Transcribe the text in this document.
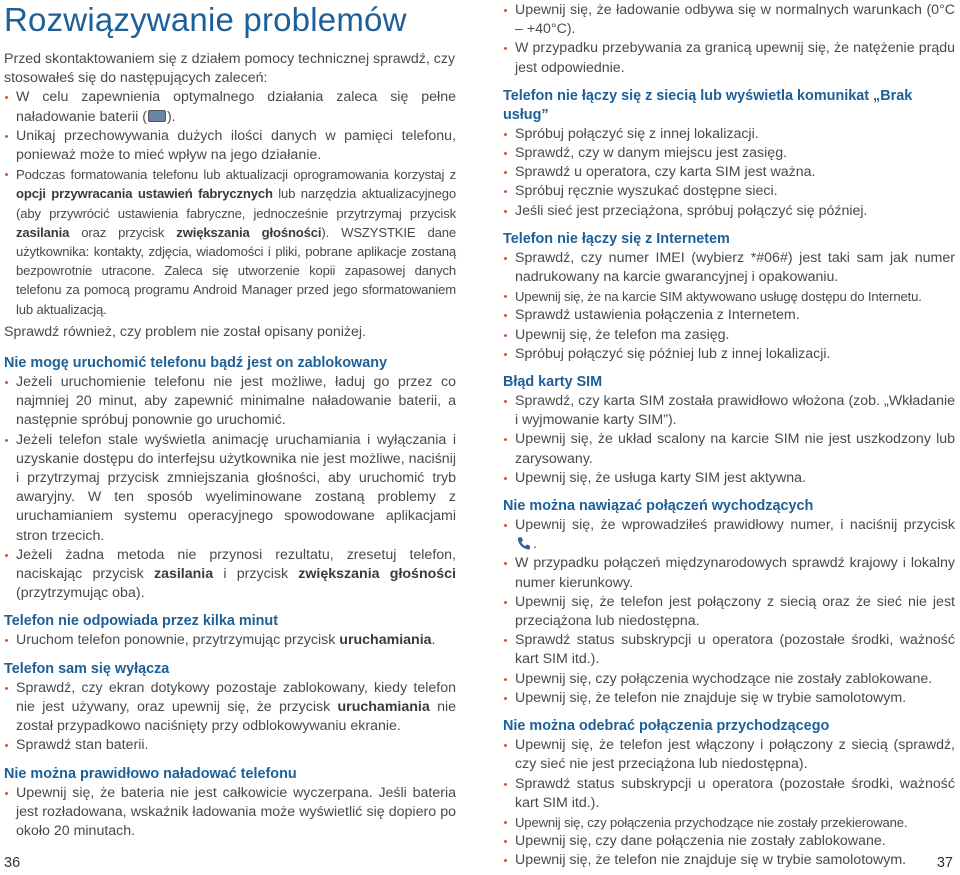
Rozwiązywanie problemów

Przed skontaktowaniem się z działem pomocy technicznej sprawdź, czy stosowałeś się do następujących zaleceń:

W celu zapewnienia optymalnego działania zaleca się pełne naładowanie baterii ( ).
Unikaj przechowywania dużych ilości danych w pamięci telefonu, ponieważ może to mieć wpływ na jego działanie.
Podczas formatowania telefonu lub aktualizacji oprogramowania korzystaj z opcji przywracania ustawień fabrycznych lub narzędzia aktualizacyjnego (aby przywrócić ustawienia fabryczne, jednocześnie przytrzymaj przycisk zasilania oraz przycisk zwiększania głośności). WSZYSTKIE dane użytkownika: kontakty, zdjęcia, wiadomości i pliki, pobrane aplikacje zostaną bezpowrotnie utracone. Zaleca się utworzenie kopii zapasowej danych telefonu za pomocą programu Android Manager przed jego sformatowaniem lub aktualizacją.

Sprawdź również, czy problem nie został opisany poniżej.

Nie mogę uruchomić telefonu bądź jest on zablokowany
Jeżeli uruchomienie telefonu nie jest możliwe, ładuj go przez co najmniej 20 minut, aby zapewnić minimalne naładowanie baterii, a następnie spróbuj ponownie go uruchomić.
Jeżeli telefon stale wyświetla animację uruchamiania i wyłączania i uzyskanie dostępu do interfejsu użytkownika nie jest możliwe, naciśnij i przytrzymaj przycisk zmniejszania głośności, aby uruchomić tryb awaryjny. W ten sposób wyeliminowane zostaną problemy z uruchamianiem systemu operacyjnego spowodowane aplikacjami stron trzecich.
Jeżeli żadna metoda nie przynosi rezultatu, zresetuj telefon, naciskając przycisk zasilania i przycisk zwiększania głośności (przytrzymując oba).
Telefon nie odpowiada przez kilka minut
Uruchom telefon ponownie, przytrzymując przycisk uruchamiania.
Telefon sam się wyłącza
Sprawdź, czy ekran dotykowy pozostaje zablokowany, kiedy telefon nie jest używany, oraz upewnij się, że przycisk uruchamiania nie został przypadkowo naciśnięty przy odblokowywaniu ekranie.
Sprawdź stan baterii.
Nie można prawidłowo naładować telefonu
Upewnij się, że bateria nie jest całkowicie wyczerpana. Jeśli bateria jest rozładowana, wskaźnik ładowania może wyświetlić się dopiero po około 20 minutach.
36
Upewnij się, że ładowanie odbywa się w normalnych warunkach (0°C – +40°C).
W przypadku przebywania za granicą upewnij się, że natężenie prądu jest odpowiednie.
Telefon nie łączy się z siecią lub wyświetla komunikat „Brak usług”
Spróbuj połączyć się z innej lokalizacji.
Sprawdź, czy w danym miejscu jest zasięg.
Sprawdź u operatora, czy karta SIM jest ważna.
Spróbuj ręcznie wyszukać dostępne sieci.
Jeśli sieć jest przeciążona, spróbuj połączyć się później.
Telefon nie łączy się z Internetem
Sprawdź, czy numer IMEI (wybierz *#06#) jest taki sam jak numer nadrukowany na karcie gwarancyjnej i opakowaniu.
Upewnij się, że na karcie SIM aktywowano usługę dostępu do Internetu.
Sprawdź ustawienia połączenia z Internetem.
Upewnij się, że telefon ma zasięg.
Spróbuj połączyć się później lub z innej lokalizacji.
Błąd karty SIM
Sprawdź, czy karta SIM została prawidłowo włożona (zob. „Wkładanie i wyjmowanie karty SIM”).
Upewnij się, że układ scalony na karcie SIM nie jest uszkodzony lub zarysowany.
Upewnij się, że usługa karty SIM jest aktywna.
Nie można nawiązać połączeń wychodzących
Upewnij się, że wprowadziłeś prawidłowy numer, i naciśnij przycisk .
W przypadku połączeń międzynarodowych sprawdź krajowy i lokalny numer kierunkowy.
Upewnij się, że telefon jest połączony z siecią oraz że sieć nie jest przeciążona lub niedostępna.
Sprawdź status subskrypcji u operatora (pozostałe środki, ważność kart SIM itd.).
Upewnij się, czy połączenia wychodzące nie zostały zablokowane.
Upewnij się, że telefon nie znajduje się w trybie samolotowym.
Nie można odebrać połączenia przychodzącego
Upewnij się, że telefon jest włączony i połączony z siecią (sprawdź, czy sieć nie jest przeciążona lub niedostępna).
Sprawdź status subskrypcji u operatora (pozostałe środki, ważność kart SIM itd.).
Upewnij się, czy połączenia przychodzące nie zostały przekierowane.
Upewnij się, czy dane połączenia nie zostały zablokowane.
Upewnij się, że telefon nie znajduje się w trybie samolotowym.	37
